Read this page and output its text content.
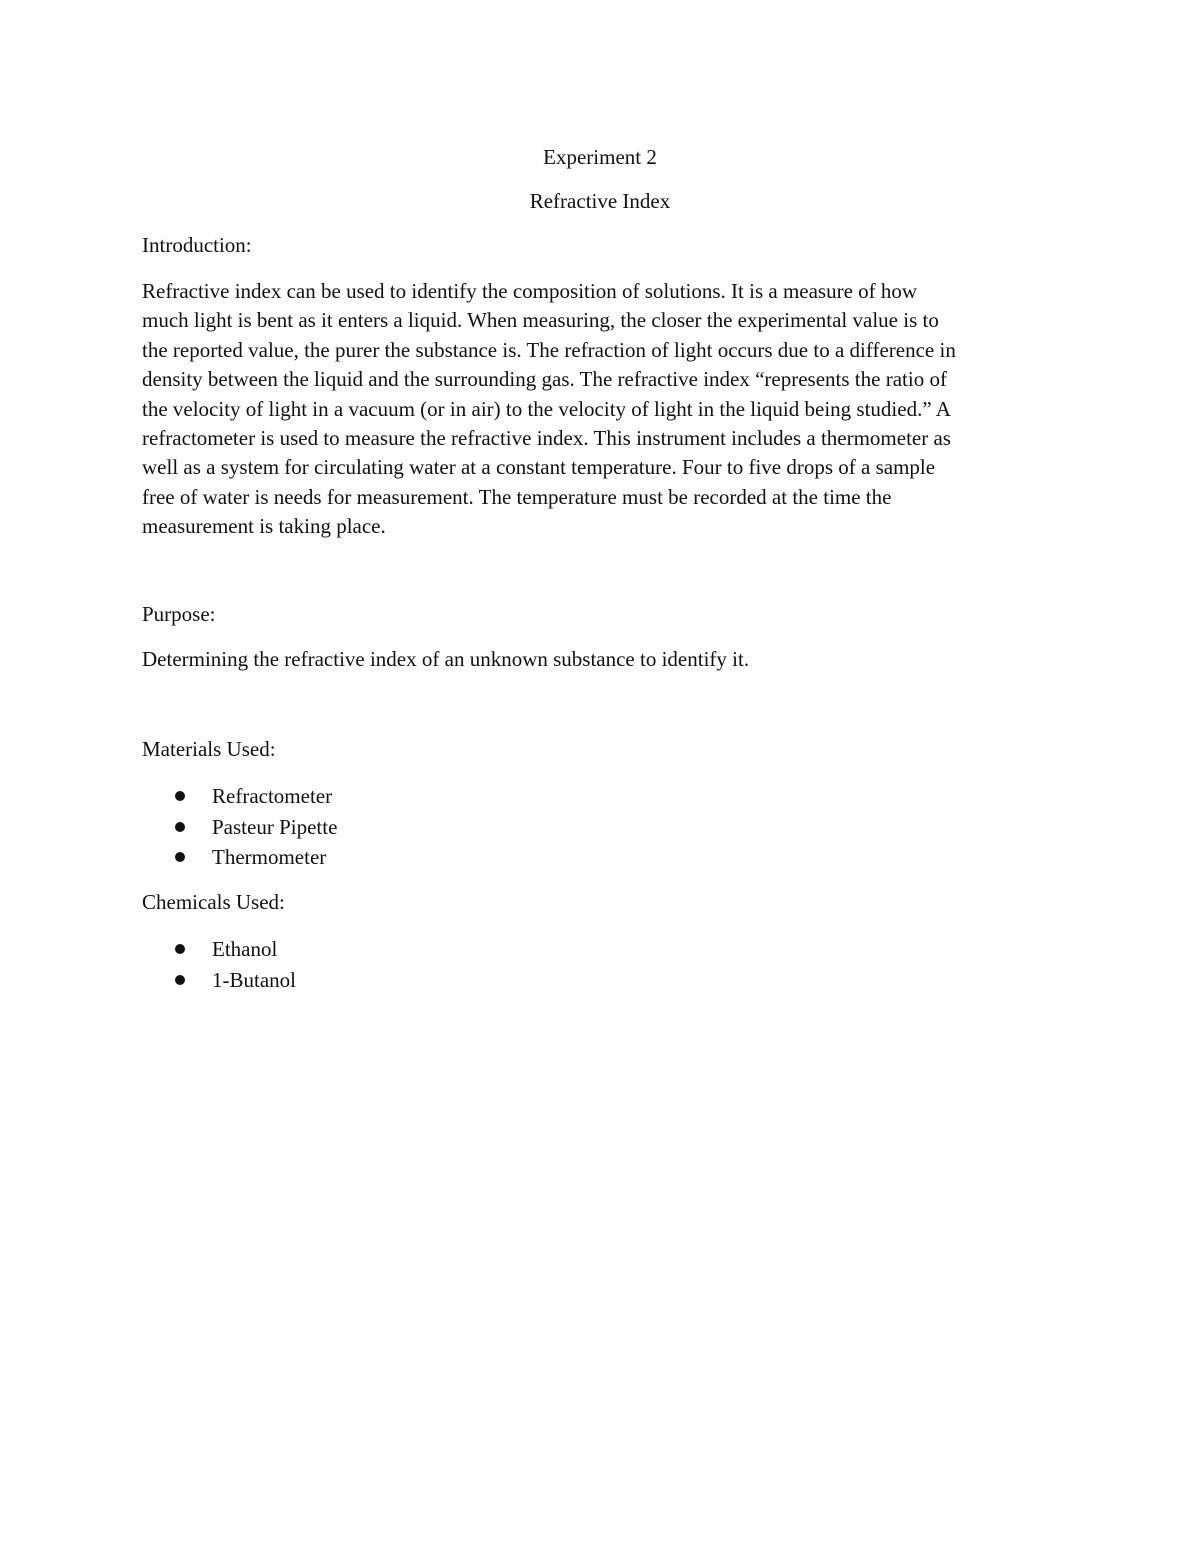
Experiment 2
Refractive Index
Introduction:
Refractive index can be used to identify the composition of solutions. It is a measure of how
much light is bent as it enters a liquid. When measuring, the closer the experimental value is to
the reported value, the purer the substance is. The refraction of light occurs due to a difference in
density between the liquid and the surrounding gas. The refractive index “represents the ratio of
the velocity of light in a vacuum (or in air) to the velocity of light in the liquid being studied.” A
refractometer is used to measure the refractive index. This instrument includes a thermometer as
well as a system for circulating water at a constant temperature. Four to five drops of a sample
free of water is needs for measurement. The temperature must be recorded at the time the
measurement is taking place.
Purpose:

Determining the refractive index of an unknown substance to identify it.

Materials Used:
Refractometer
Pasteur Pipette
Thermometer
Chemicals Used:
Ethanol
1-Butanol
